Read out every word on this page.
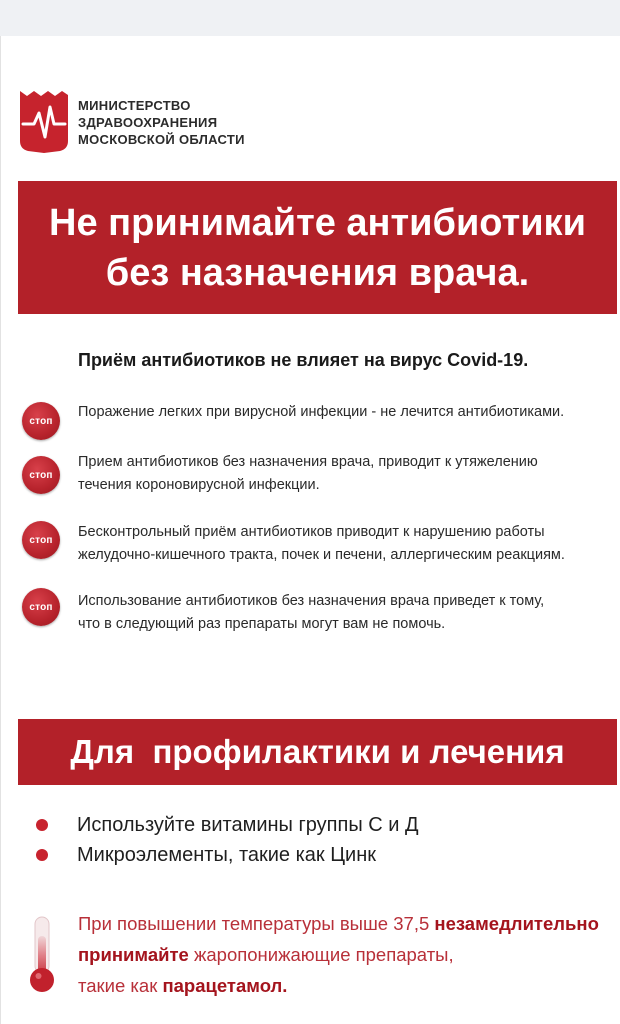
МИНИСТЕРСТВО
ЗДРАВООХРАНЕНИЯ
МОСКОВСКОЙ ОБЛАСТИ
Не принимайте антибиотики
без назначения врача.
Приём антибиотиков не влияет на вирус Covid-19.
стоп
Поражение легких при вирусной инфекции - не лечится антибиотиками.
стоп
Прием антибиотиков без назначения врача, приводит к утяжелению
течения короновирусной инфекции.
стоп	Бесконтрольный приём антибиотиков приводит к нарушению работы
желудочно-кишечного тракта, почек и печени, аллергическим реакциям.
стоп	Использование антибиотиков без назначения врача приведет к тому,
что в следующий раз препараты могут вам не помочь.
Для  профилактики и лечения
Используйте витамины группы С и Д
Микроэлементы, такие как Цинк
При повышении температуры выше 37,5 незамедлительно
принимайте жаропонижающие препараты,
такие как парацетамол.
